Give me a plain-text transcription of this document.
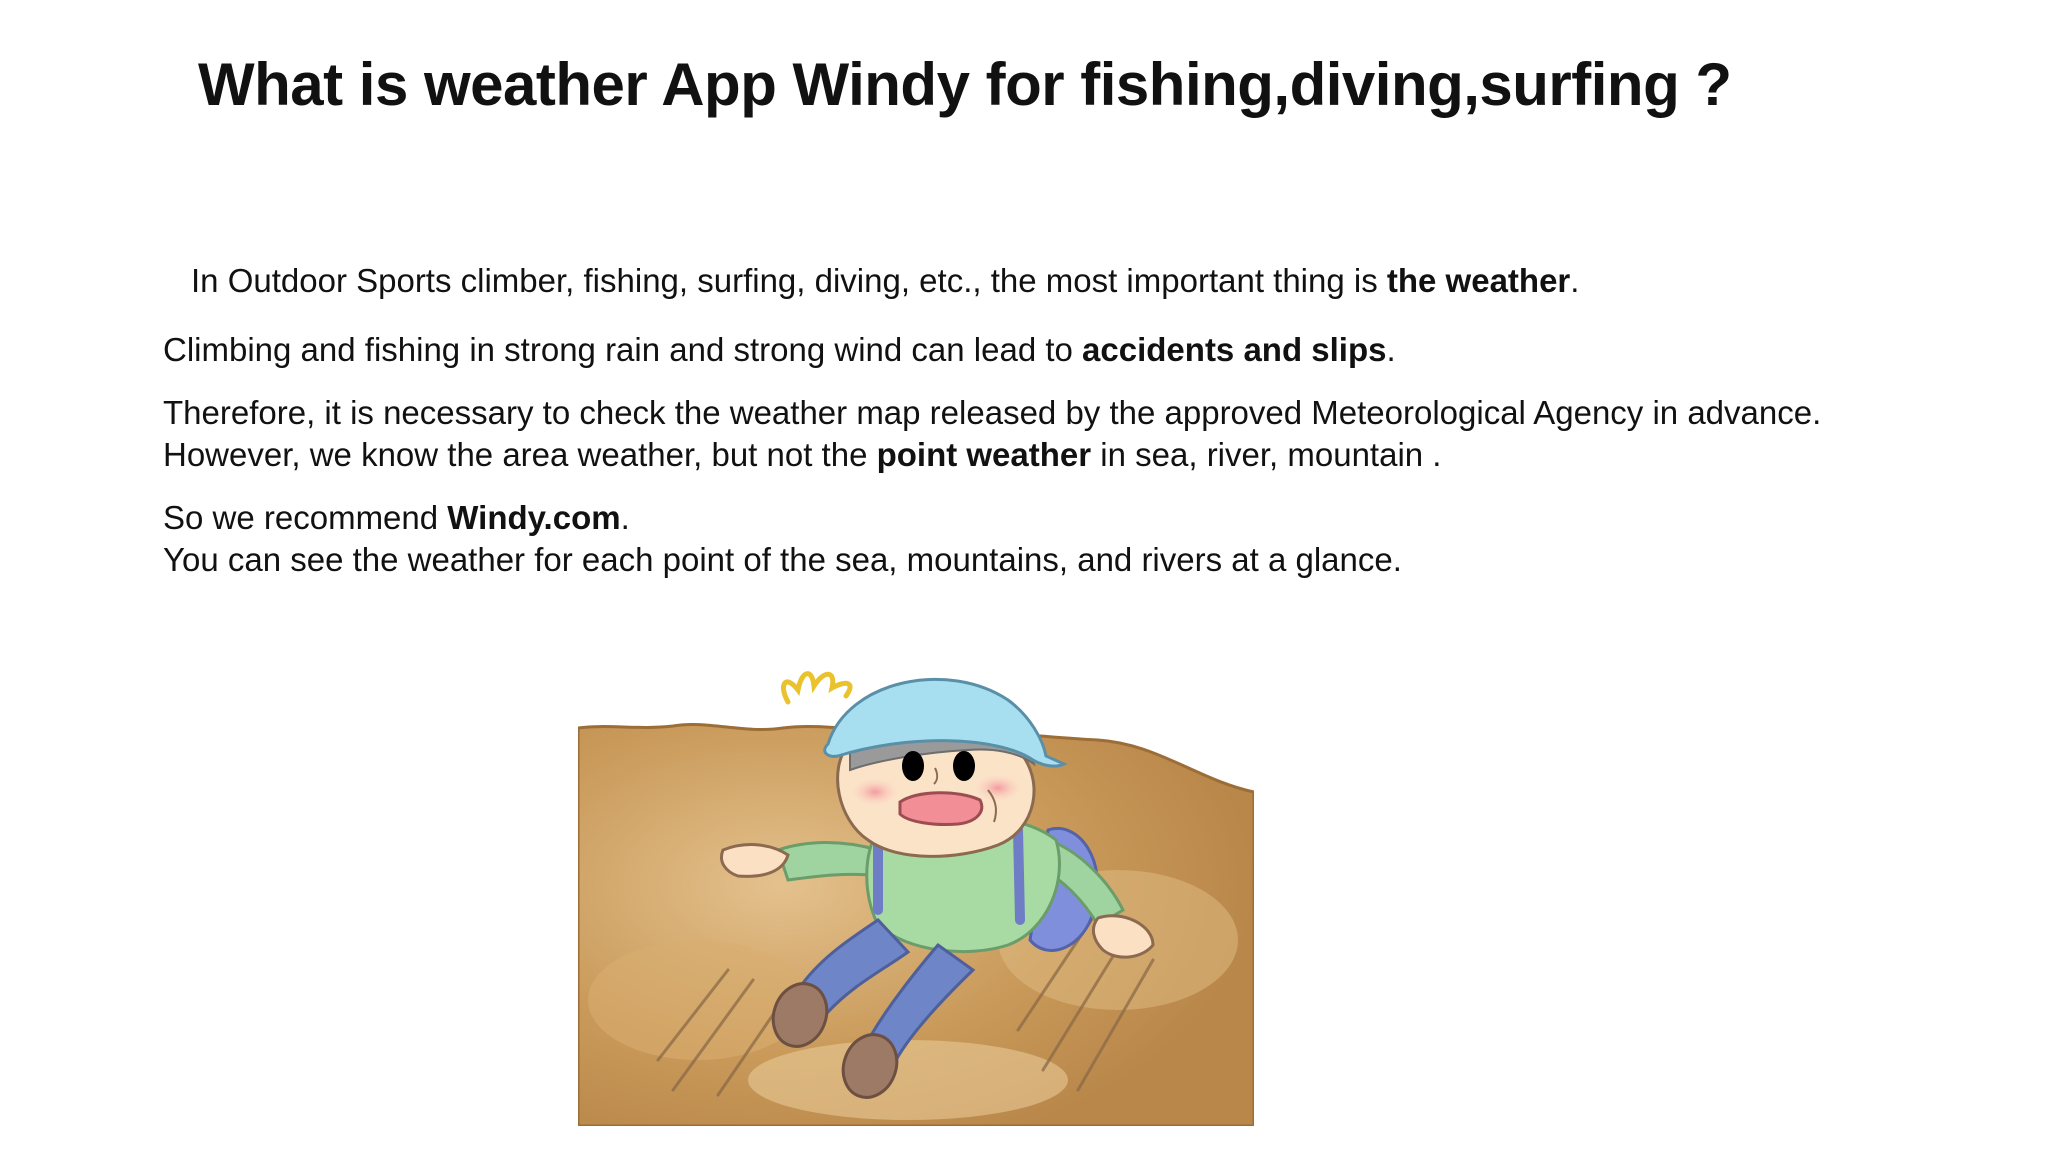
What is weather App Windy for fishing,diving,surfing ?

In Outdoor Sports climber, fishing, surfing, diving, etc., the most important thing is the weather.

Climbing and fishing in strong rain and strong wind can lead to accidents and slips.

Therefore, it is necessary to check the weather map released by the approved Meteorological Agency in advance.

However, we know the area weather, but not the point weather in sea, river, mountain .

So we recommend Windy.com.

You can see the weather for each point of the sea, mountains, and rivers at a glance.
